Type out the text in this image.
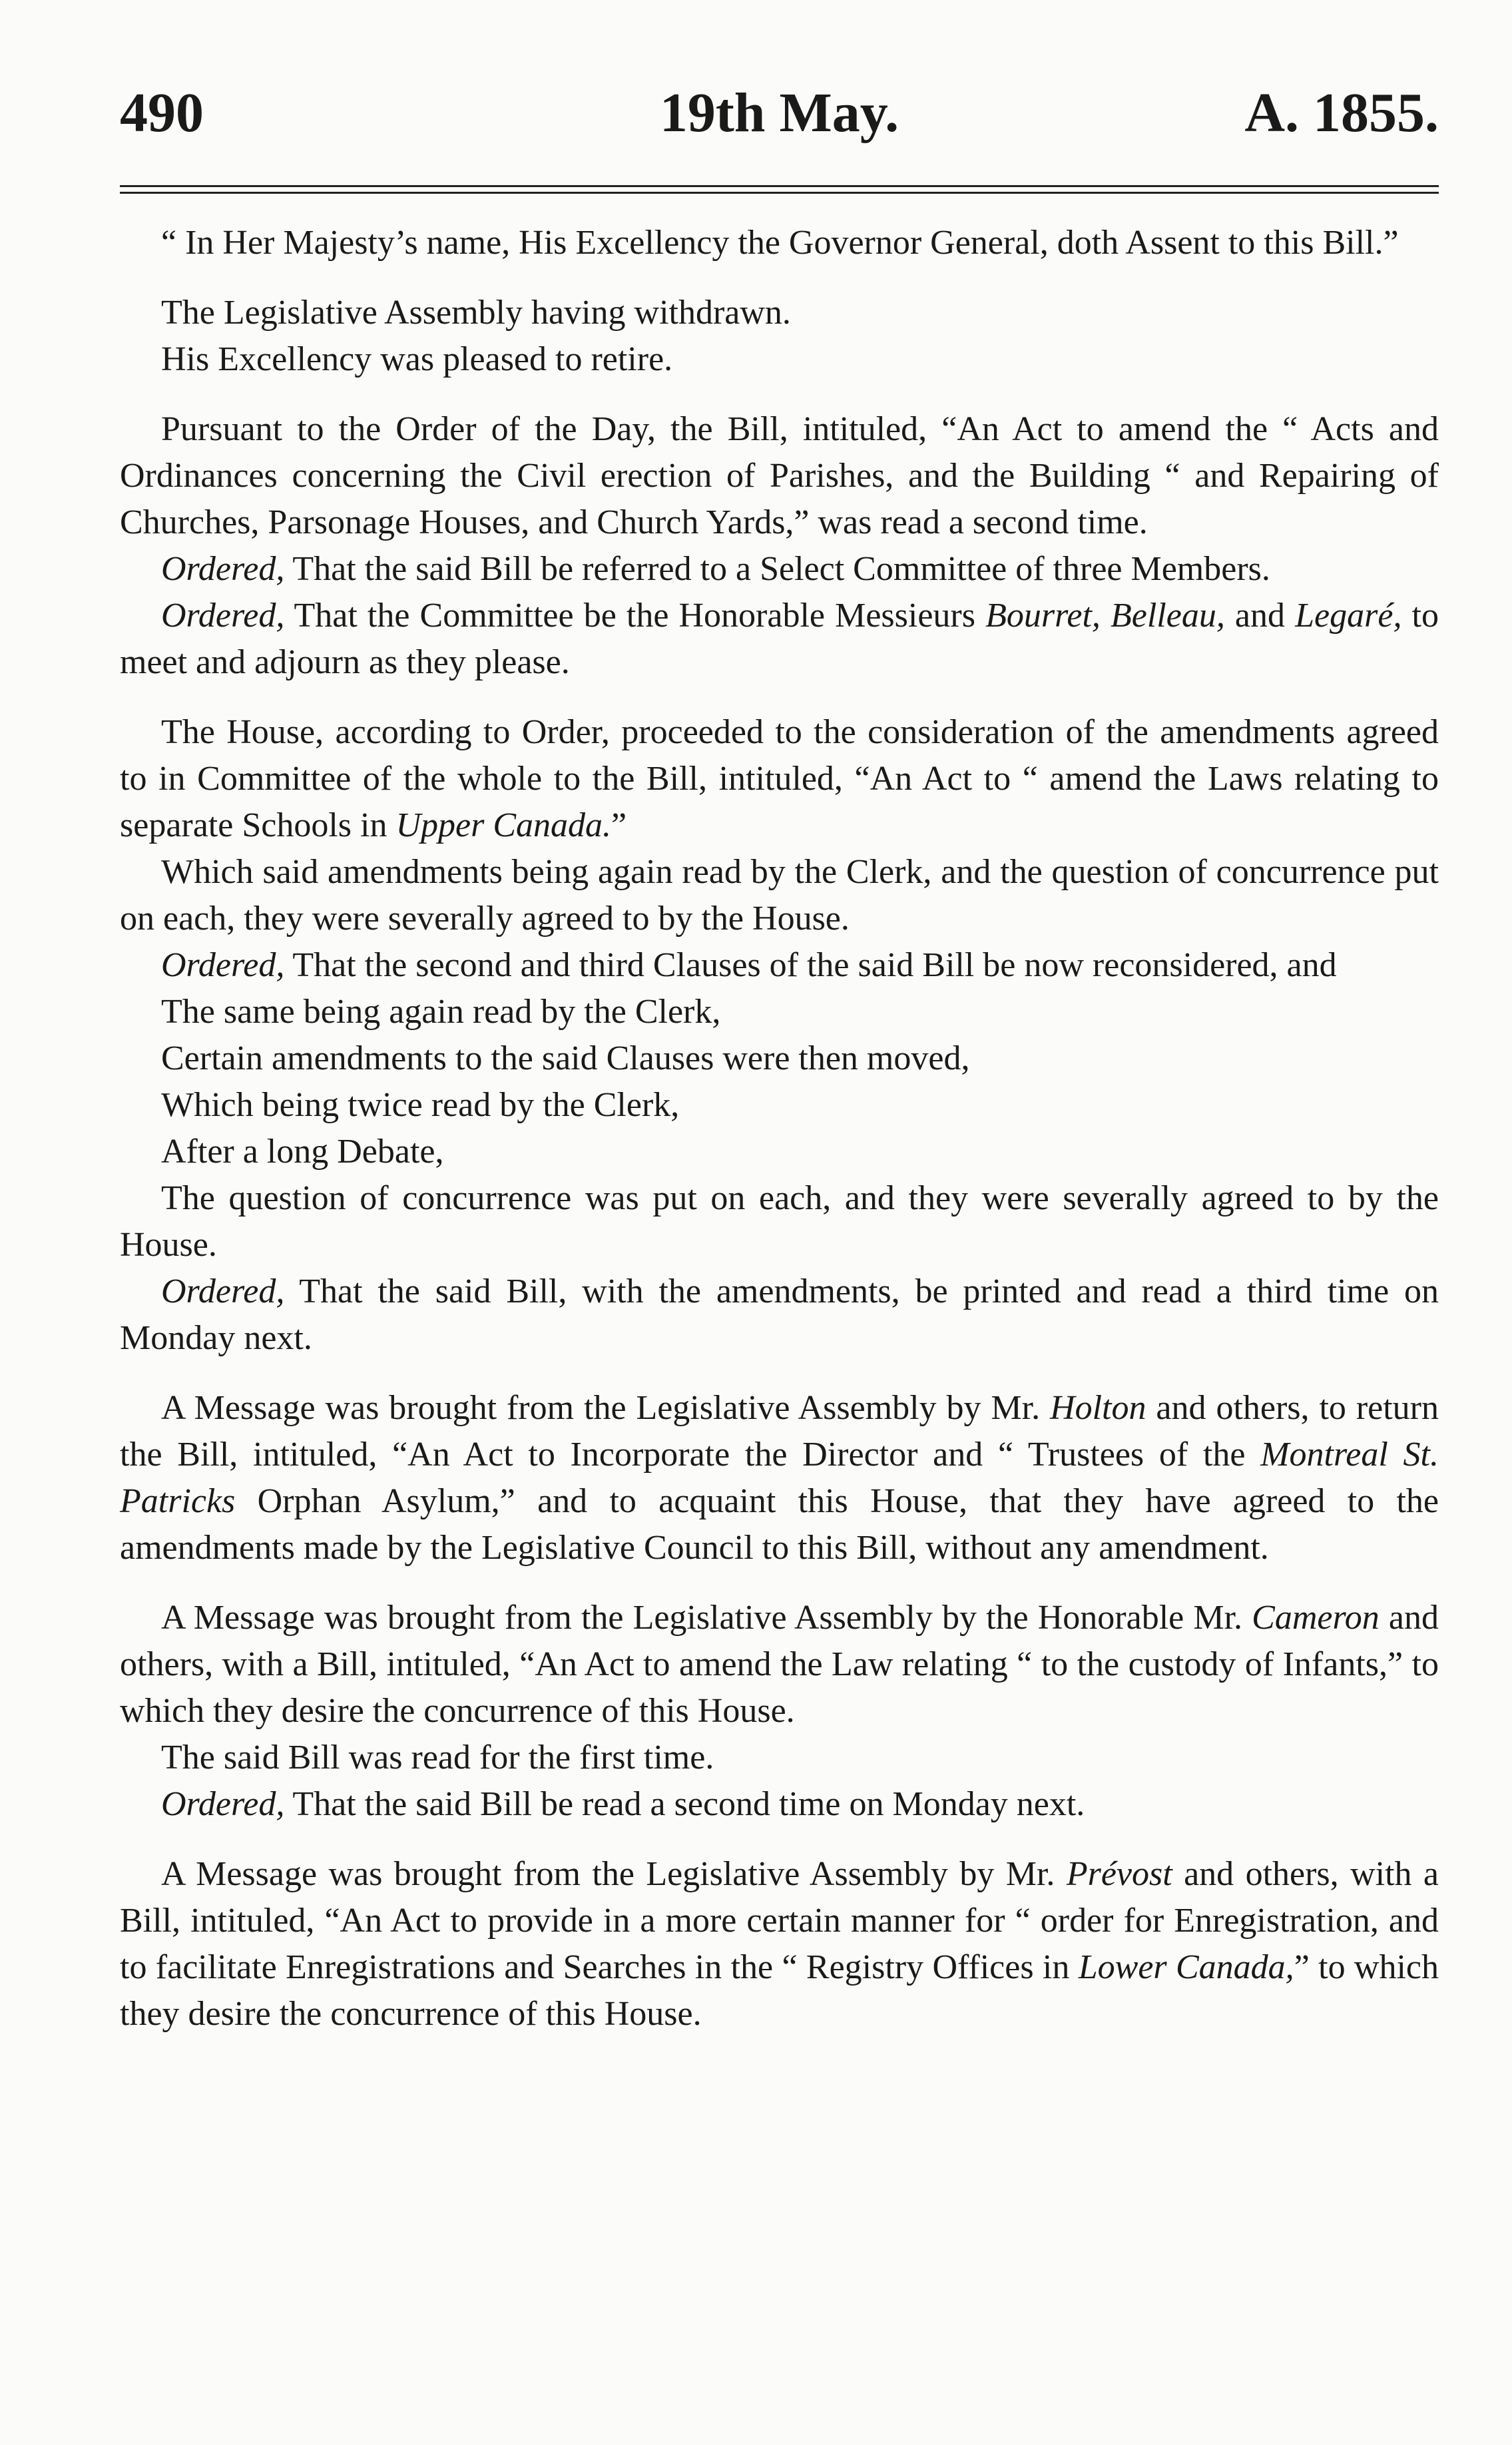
490	19th May.	A. 1855.
“ In Her Majesty’s name, His Excellency the Governor General, doth Assent to this Bill.”
The Legislative Assembly having withdrawn.
His Excellency was pleased to retire.
Pursuant to the Order of the Day, the Bill, intituled, “An Act to amend the “ Acts and Ordinances concerning the Civil erection of Parishes, and the Building “ and Repairing of Churches, Parsonage Houses, and Church Yards,” was read a second time.
Ordered, That the said Bill be referred to a Select Committee of three Members.
Ordered, That the Committee be the Honorable Messieurs Bourret, Belleau, and Legaré, to meet and adjourn as they please.
The House, according to Order, proceeded to the consideration of the amendments agreed to in Committee of the whole to the Bill, intituled, “An Act to “ amend the Laws relating to separate Schools in Upper Canada.”
Which said amendments being again read by the Clerk, and the question of concurrence put on each, they were severally agreed to by the House.
Ordered, That the second and third Clauses of the said Bill be now reconsidered, and
The same being again read by the Clerk,
Certain amendments to the said Clauses were then moved,
Which being twice read by the Clerk,
After a long Debate,
The question of concurrence was put on each, and they were severally agreed to by the House.
Ordered, That the said Bill, with the amendments, be printed and read a third time on Monday next.
A Message was brought from the Legislative Assembly by Mr. Holton and others, to return the Bill, intituled, “An Act to Incorporate the Director and “ Trustees of the Montreal St. Patricks Orphan Asylum,” and to acquaint this House, that they have agreed to the amendments made by the Legislative Council to this Bill, without any amendment.
A Message was brought from the Legislative Assembly by the Honorable Mr. Cameron and others, with a Bill, intituled, “An Act to amend the Law relating “ to the custody of Infants,” to which they desire the concurrence of this House.
The said Bill was read for the first time.
Ordered, That the said Bill be read a second time on Monday next.
A Message was brought from the Legislative Assembly by Mr. Prévost and others, with a Bill, intituled, “An Act to provide in a more certain manner for “ order for Enregistration, and to facilitate Enregistrations and Searches in the “ Registry Offices in Lower Canada,” to which they desire the concurrence of this House.
